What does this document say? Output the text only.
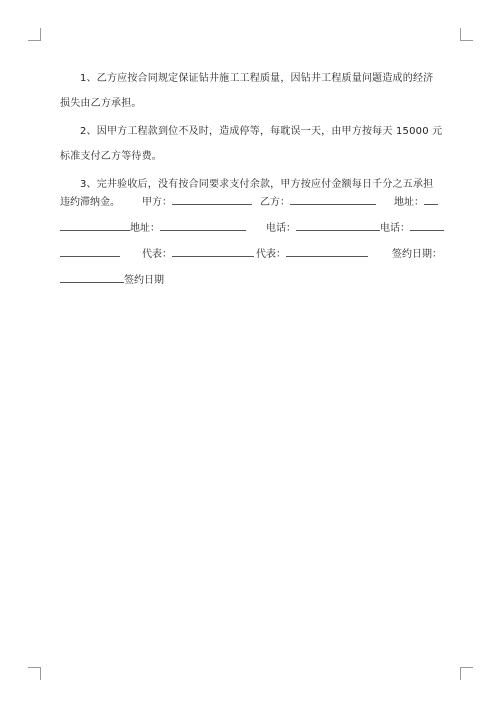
1、乙方应按合同规定保证钻井施工工程质量，因钻井工程质量问题造成的经济
损失由乙方承担。

2、因甲方工程款到位不及时，造成停等，每耽误一天，由甲方按每天 15000 元
标准支付乙方等待费。

3、完井验收后，没有按合同要求支付余款，甲方按应付金额每日千分之五承担

违约滞纳金。 甲方：	乙方：	地址：
地址：	电话：	电话：
代表：	代表：	签约日期：
签约日期
